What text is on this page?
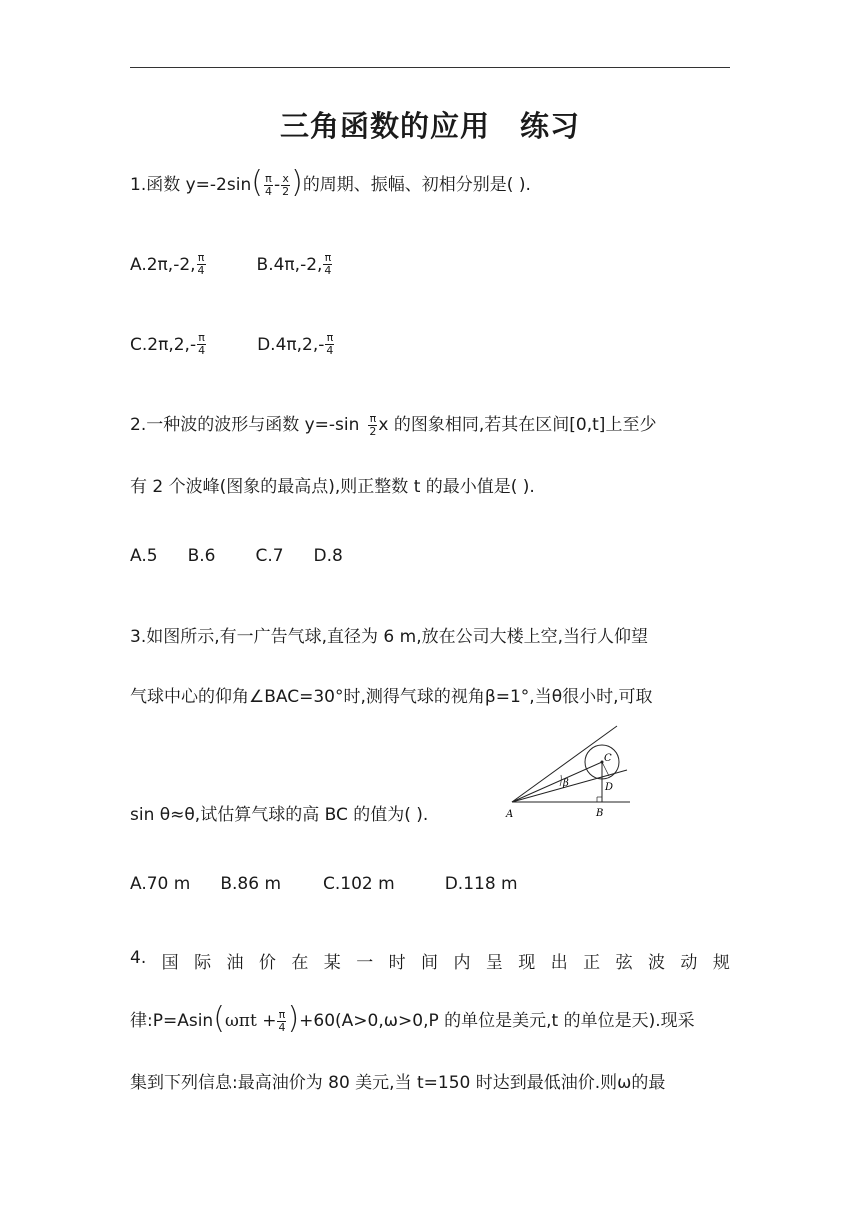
三角函数的应用　练习
1.函数 $y=-2\sin( \frac{\pi}{4} - \frac{x}{2}$ )的周期、振幅、初相分别是( ).
A.2π,-2, $\frac{\pi}{4}$	B.4π,-2, $\frac{\pi}{4}$
$C.2\pi,2,- \frac{\pi}{4}$	$D.4\pi,2,- \frac{\pi}{4}$
2.一种波的波形与函数 $y=-\sin \frac{\pi}{2}$ x 的图象相同,若其在区间[0,t]上至少
有 2 个波峰(图象的最高点),则正整数 t 的最小值是( ).
A.5 B.6 C.7 D.8
3.如图所示,有一广告气球,直径为 6 m,放在公司大楼上空,当行人仰望
气球中心的仰角∠BAC=30°时,测得气球的视角β=1°,当θ很小时,可取
sin θ≈θ,试估算气球的高 BC 的值为( ).	A	B
C
D
β
A.70 m B.86 m C.102 m	D.118 m
4. 国 际 油 价 在 某 一 时 间 内 呈 现 出 正 弦 波 动 规
律:P=Asin(ωπt + $\frac{\pi}{4} )+60(A>0,\omega>0,P$ 的单位是美元,t 的单位是天).现采
集到下列信息:最高油价为 80 美元,当 t=150 时达到最低油价.则ω的最
